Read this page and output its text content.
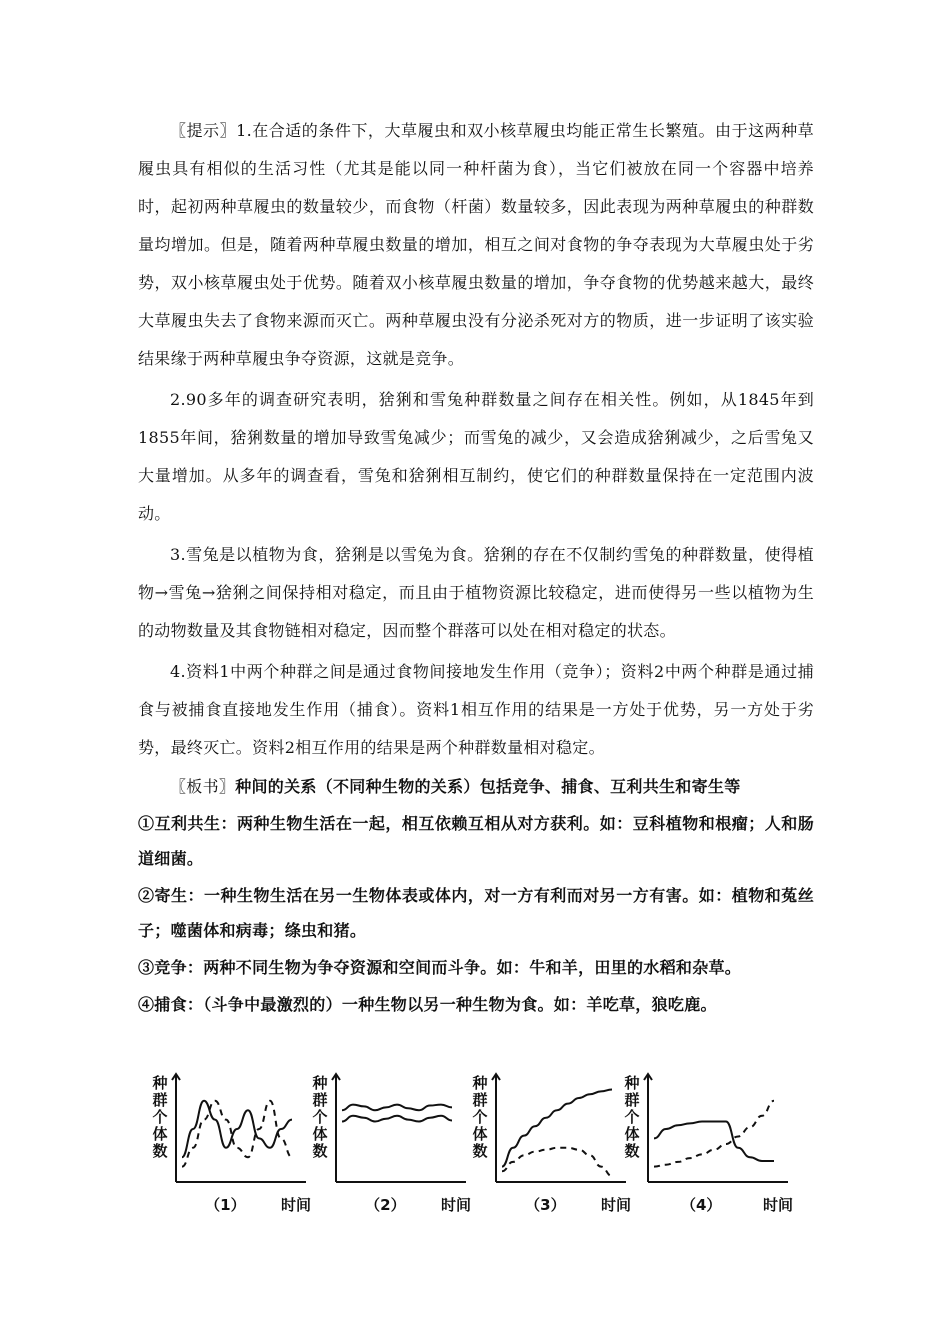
〖提示〗1.在合适的条件下，大草履虫和双小核草履虫均能正常生长繁殖。由于这两种草履虫具有相似的生活习性（尤其是能以同一种杆菌为食），当它们被放在同一个容器中培养时，起初两种草履虫的数量较少，而食物（杆菌）数量较多，因此表现为两种草履虫的种群数量均增加。但是，随着两种草履虫数量的增加，相互之间对食物的争夺表现为大草履虫处于劣势，双小核草履虫处于优势。随着双小核草履虫数量的增加，争夺食物的优势越来越大，最终大草履虫失去了食物来源而灭亡。两种草履虫没有分泌杀死对方的物质，进一步证明了该实验结果缘于两种草履虫争夺资源，这就是竞争。

2.90多年的调查研究表明，猞猁和雪兔种群数量之间存在相关性。例如，从1845年到1855年间，猞猁数量的增加导致雪兔减少；而雪兔的减少，又会造成猞猁减少，之后雪兔又大量增加。从多年的调查看，雪兔和猞猁相互制约，使它们的种群数量保持在一定范围内波动。

3.雪兔是以植物为食，猞猁是以雪兔为食。猞猁的存在不仅制约雪兔的种群数量，使得植物→雪兔→猞猁之间保持相对稳定，而且由于植物资源比较稳定，进而使得另一些以植物为生的动物数量及其食物链相对稳定，因而整个群落可以处在相对稳定的状态。

4.资料1中两个种群之间是通过食物间接地发生作用（竞争）；资料2中两个种群是通过捕食与被捕食直接地发生作用（捕食）。资料1相互作用的结果是一方处于优势，另一方处于劣势，最终灭亡。资料2相互作用的结果是两个种群数量相对稳定。

〖板书〗种间的关系（不同种生物的关系）包括竞争、捕食、互利共生和寄生等

①互利共生：两种生物生活在一起，相互依赖互相从对方获利。如：豆科植物和根瘤；人和肠道细菌。

②寄生：一种生物生活在另一生物体表或体内，对一方有利而对另一方有害。如：植物和菟丝子；噬菌体和病毒；绦虫和猪。

③竞争：两种不同生物为争夺资源和空间而斗争。如：牛和羊，田里的水稻和杂草。

④捕食：（斗争中最激烈的）一种生物以另一种生物为食。如：羊吃草，狼吃鹿。

种群个体数
（1） 时间
种群个体数
（2） 时间
种群个体数
（3） 时间
种群个体数
（4）	时间
